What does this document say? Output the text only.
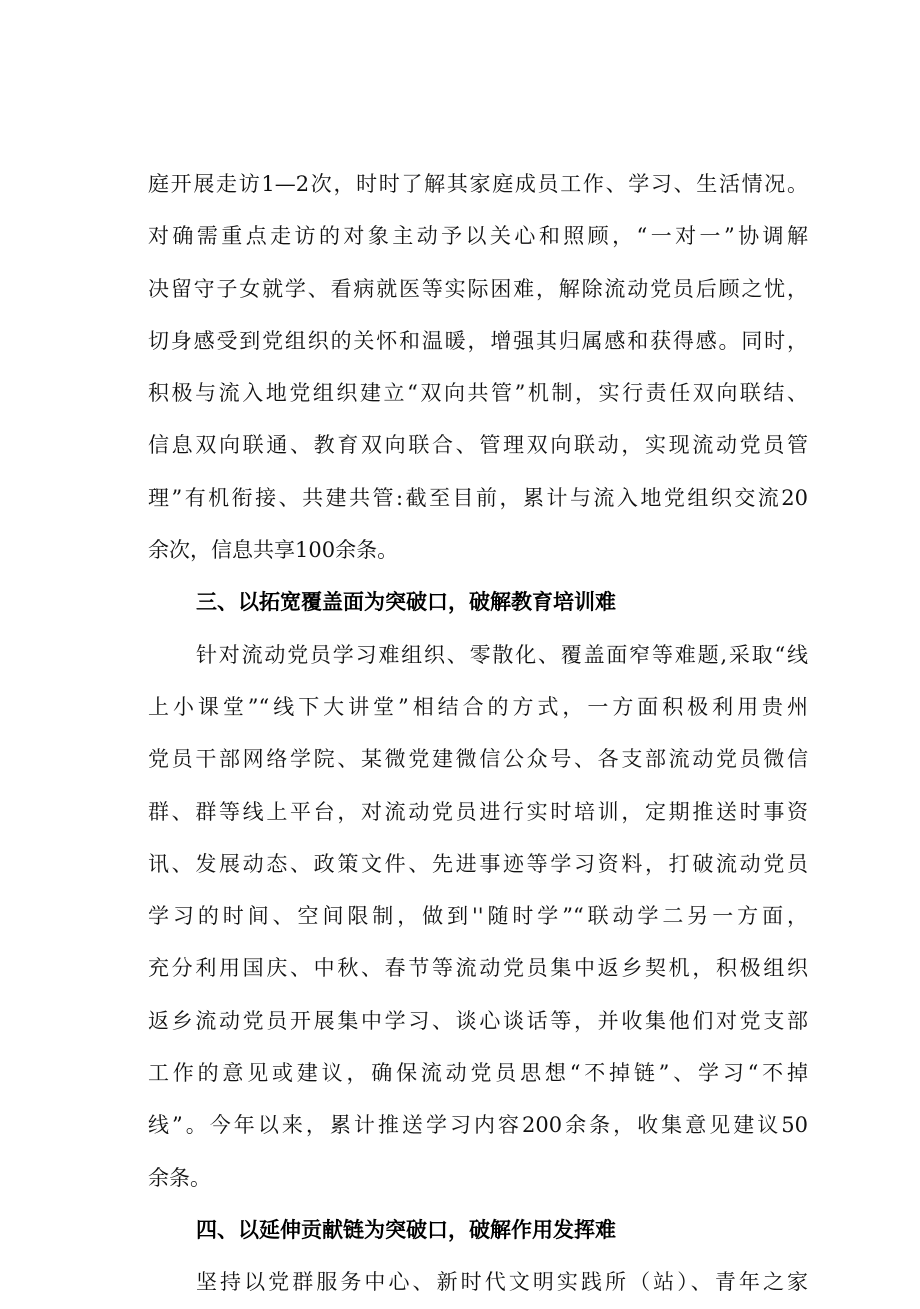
庭开展走访1—2次，时时了解其家庭成员工作、学习、生活情况。
对确需重点走访的对象主动予以关心和照顾，“一对一”协调解
决留守子女就学、看病就医等实际困难，解除流动党员后顾之忧，
切身感受到党组织的关怀和温暖，增强其归属感和获得感。同时，
积极与流入地党组织建立“双向共管”机制，实行责任双向联结、
信息双向联通、教育双向联合、管理双向联动，实现流动党员管
理”有机衔接、共建共管:截至目前，累计与流入地党组织交流20
余次，信息共享100余条。
三、以拓宽覆盖面为突破口，破解教育培训难
针对流动党员学习难组织、零散化、覆盖面窄等难题,采取“线
上小课堂”“线下大讲堂”相结合的方式，一方面积极利用贵州
党员干部网络学院、某微党建微信公众号、各支部流动党员微信
群、群等线上平台，对流动党员进行实时培训，定期推送时事资
讯、发展动态、政策文件、先进事迹等学习资料，打破流动党员
学习的时间、空间限制，做到''随时学”“联动学二另一方面，
充分利用国庆、中秋、春节等流动党员集中返乡契机，积极组织
返乡流动党员开展集中学习、谈心谈话等，并收集他们对党支部
工作的意见或建议，确保流动党员思想“不掉链”、学习“不掉
线”。今年以来，累计推送学习内容200余条，收集意见建议50
余条。
四、以延伸贡献链为突破口，破解作用发挥难
坚持以党群服务中心、新时代文明实践所（站）、青年之家
